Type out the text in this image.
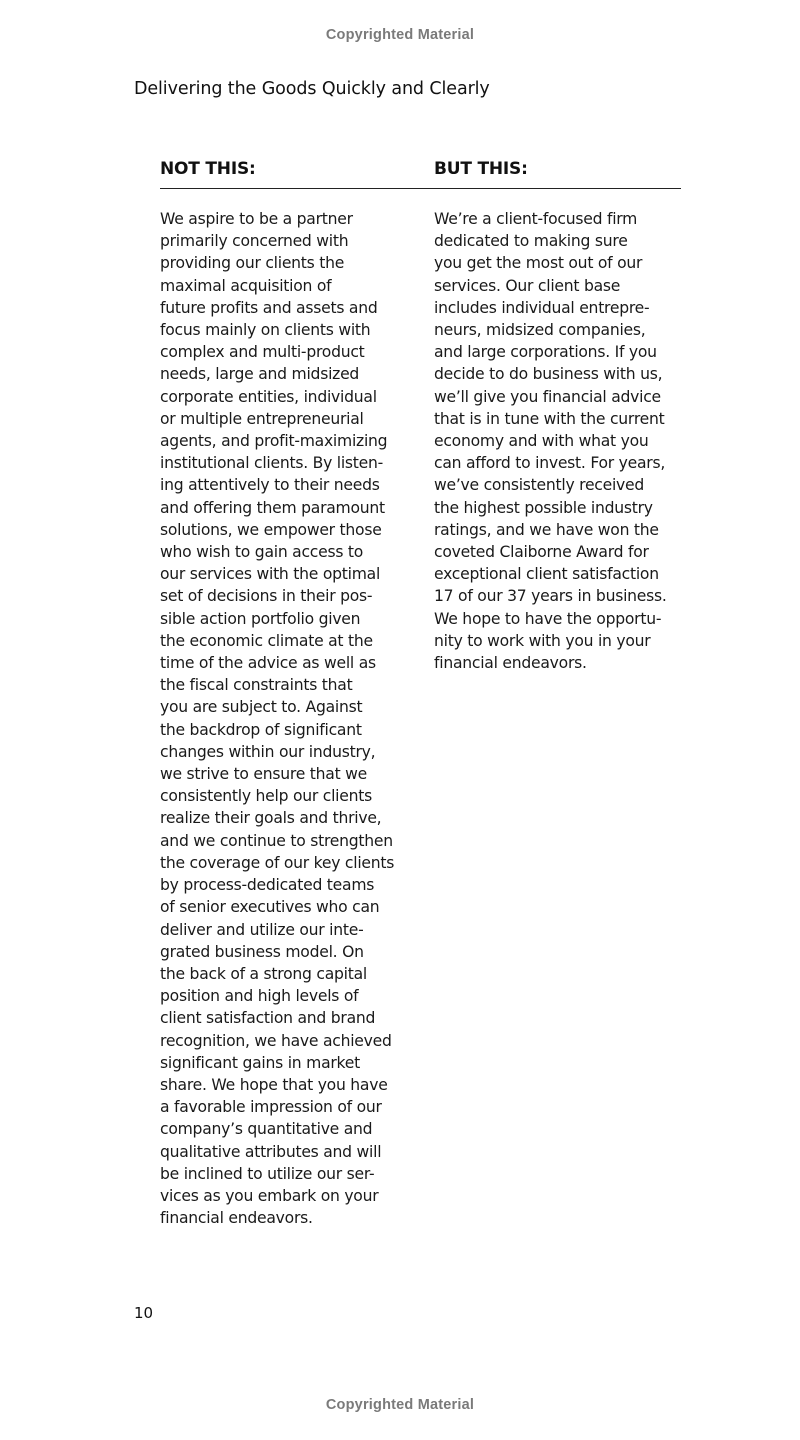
Copyrighted Material
Delivering the Goods Quickly and Clearly
NOT THIS:	BUT THIS:
We aspire to be a partner
primarily concerned with
providing our clients the
maximal acquisition of
future profits and assets and
focus mainly on clients with
complex and multi-product
needs, large and midsized
corporate entities, individual
or multiple entrepreneurial
agents, and profit-maximizing
institutional clients. By listen-
ing attentively to their needs
and offering them paramount
solutions, we empower those
who wish to gain access to
our services with the optimal
set of decisions in their pos-
sible action portfolio given
the economic climate at the
time of the advice as well as
the fiscal constraints that
you are subject to. Against
the backdrop of significant
changes within our industry,
we strive to ensure that we
consistently help our clients
realize their goals and thrive,
and we continue to strengthen
the coverage of our key clients
by process-dedicated teams
of senior executives who can
deliver and utilize our inte-
grated business model. On
the back of a strong capital
position and high levels of
client satisfaction and brand
recognition, we have achieved
significant gains in market
share. We hope that you have
a favorable impression of our
company’s quantitative and
qualitative attributes and will
be inclined to utilize our ser-
vices as you embark on your
financial endeavors.
We’re a client-focused firm
dedicated to making sure
you get the most out of our
services. Our client base
includes individual entrepre-
neurs, midsized companies,
and large corporations. If you
decide to do business with us,
we’ll give you financial advice
that is in tune with the current
economy and with what you
can afford to invest. For years,
we’ve consistently received
the highest possible industry
ratings, and we have won the
coveted Claiborne Award for
exceptional client satisfaction
17 of our 37 years in business.
We hope to have the opportu-
nity to work with you in your
financial endeavors.
10
Copyrighted Material
